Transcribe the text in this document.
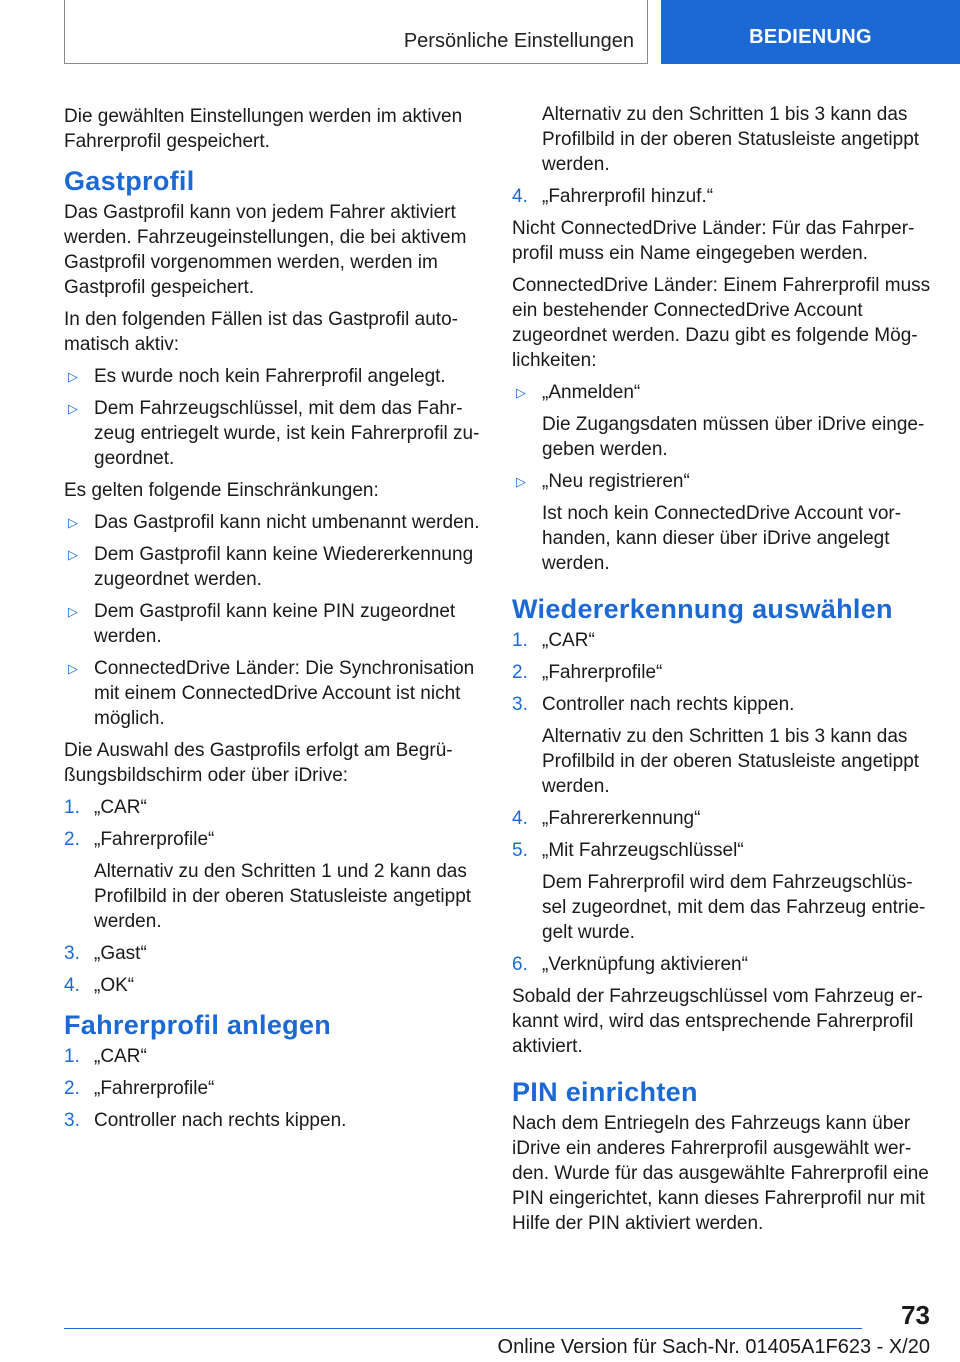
Persönliche Einstellungen	BEDIENUNG

Die gewählten Einstellungen werden im aktiven Fahrerprofil gespeichert.

Gastprofil

Das Gastprofil kann von jedem Fahrer aktiviert werden. Fahrzeugeinstellungen, die bei aktivem Gastprofil vorgenommen werden, werden im Gastprofil gespeichert.

In den folgenden Fällen ist das Gastprofil auto-matisch aktiv:

▷ Es wurde noch kein Fahrerprofil angelegt.
▷ Dem Fahrzeugschlüssel, mit dem das Fahr-zeug entriegelt wurde, ist kein Fahrerprofil zu-geordnet.

Es gelten folgende Einschränkungen:

▷ Das Gastprofil kann nicht umbenannt werden.
▷ Dem Gastprofil kann keine Wiedererkennung zugeordnet werden.
▷ Dem Gastprofil kann keine PIN zugeordnet werden.
▷ ConnectedDrive Länder: Die Synchronisation mit einem ConnectedDrive Account ist nicht möglich.

Die Auswahl des Gastprofils erfolgt am Begrü-ßungsbildschirm oder über iDrive:

1. „CAR“
2. „Fahrerprofile“
Alternativ zu den Schritten 1 und 2 kann das Profilbild in der oberen Statusleiste angetippt werden.
3. „Gast“
4. „OK“
Fahrerprofil anlegen
1. „CAR“
2. „Fahrerprofile“
3. Controller nach rechts kippen.
Alternativ zu den Schritten 1 bis 3 kann das Profilbild in der oberen Statusleiste angetippt werden.
4. „Fahrerprofil hinzuf.“

Nicht ConnectedDrive Länder: Für das Fahrper-profil muss ein Name eingegeben werden.

ConnectedDrive Länder: Einem Fahrerprofil muss ein bestehender ConnectedDrive Account zugeordnet werden. Dazu gibt es folgende Mög-lichkeiten:

▷ „Anmelden“
Die Zugangsdaten müssen über iDrive einge-geben werden.
▷ „Neu registrieren“
Ist noch kein ConnectedDrive Account vor-handen, kann dieser über iDrive angelegt werden.
Wiedererkennung auswählen
1. „CAR“
2. „Fahrerprofile“
3. Controller nach rechts kippen.
Alternativ zu den Schritten 1 bis 3 kann das Profilbild in der oberen Statusleiste angetippt werden.
4. „Fahrererkennung“
5. „Mit Fahrzeugschlüssel“
Dem Fahrerprofil wird dem Fahrzeugschlüs-sel zugeordnet, mit dem das Fahrzeug entrie-gelt wurde.
6. „Verknüpfung aktivieren“

Sobald der Fahrzeugschlüssel vom Fahrzeug er-kannt wird, wird das entsprechende Fahrerprofil aktiviert.

PIN einrichten

Nach dem Entriegeln des Fahrzeugs kann über iDrive ein anderes Fahrerprofil ausgewählt wer-den. Wurde für das ausgewählte Fahrerprofil eine PIN eingerichtet, kann dieses Fahrerprofil nur mit Hilfe der PIN aktiviert werden.

73
Online Version für Sach-Nr. 01405A1F623 - X/20
